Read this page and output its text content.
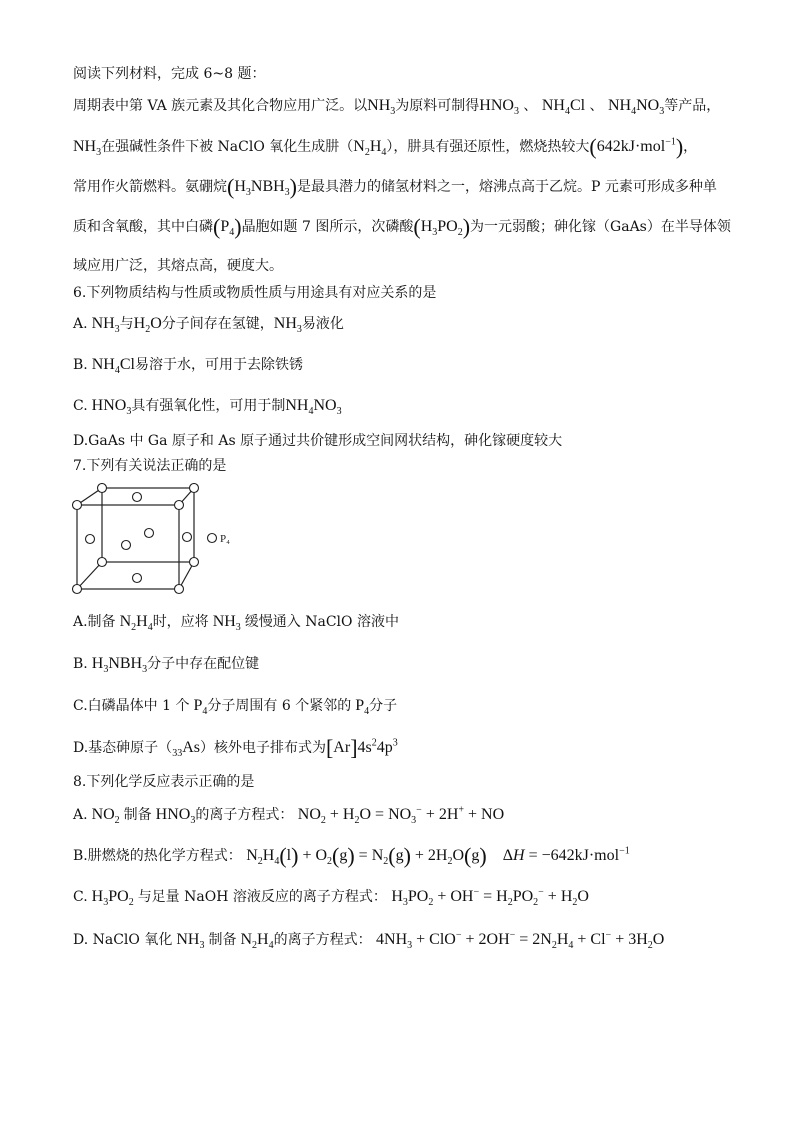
阅读下列材料，完成 6~8 题：
周期表中第 VA 族元素及其化合物应用广泛。以$NH_3$为原料可制得$HNO_3$ 、 $NH_4Cl$ 、 $NH_4NO_3$等产品，
$NH_3$在强碱性条件下被 NaClO 氧化生成肼$(N_2H_4)$，肼具有强还原性，燃烧热较大(642kJ·mol$^{-1}$)，
常用作火箭燃料。氨硼烷$(H_3NBH_3)$是最具潜力的储氢材料之一，熔沸点高于乙烷。P 元素可形成多种单
质和含氧酸，其中白磷$(P_4)$晶胞如题 7 图所示，次磷酸$(H_3PO_2)$为一元弱酸；砷化镓（GaAs）在半导体领
域应用广泛，其熔点高，硬度大。
6.下列物质结构与性质或物质性质与用途具有对应关系的是
A. $NH_3$与$H_2O$分子间存在氢键，$NH_3$易液化
B. $NH_4Cl$易溶于水，可用于去除铁锈
C. $HNO_3$具有强氧化性，可用于制$NH_4NO_3$
D.GaAs 中 Ga 原子和 As 原子通过共价键形成空间网状结构，砷化镓硬度较大
7.下列有关说法正确的是
P₄
A.制备 $N_2H_4$时，应将 $NH_3$ 缓慢通入 NaClO 溶液中
B. $H_3NBH_3$分子中存在配位键
C.白磷晶体中 1 个 $P_4$分子周围有 6 个紧邻的 $P_4$分子
D.基态砷原子$(_{33}As)$核外电子排布式为$[Ar]4s^24p^3$
8.下列化学反应表示正确的是
A. $NO_2$ 制备 $HNO_3$的离子方程式： $NO_2 + H_2O = NO_3^- + 2H^+$ + NO
B.肼燃烧的热化学方程式： $N_2H_4(l) + O_2(g) = N_2(g) + 2H_2O(g)$    ΔH = −642kJ·mol$^{-1}$
C. $H_3PO_2$ 与足量 NaOH 溶液反应的离子方程式： $H_3PO_2 + OH^- = H_2PO_2^- + H_2O$
D. NaClO 氧化 $NH_3$ 制备 $N_2H_4$的离子方程式： $4NH_3 + ClO^- + 2OH^- = 2N_2H_4 + Cl^- + 3H_2O$
